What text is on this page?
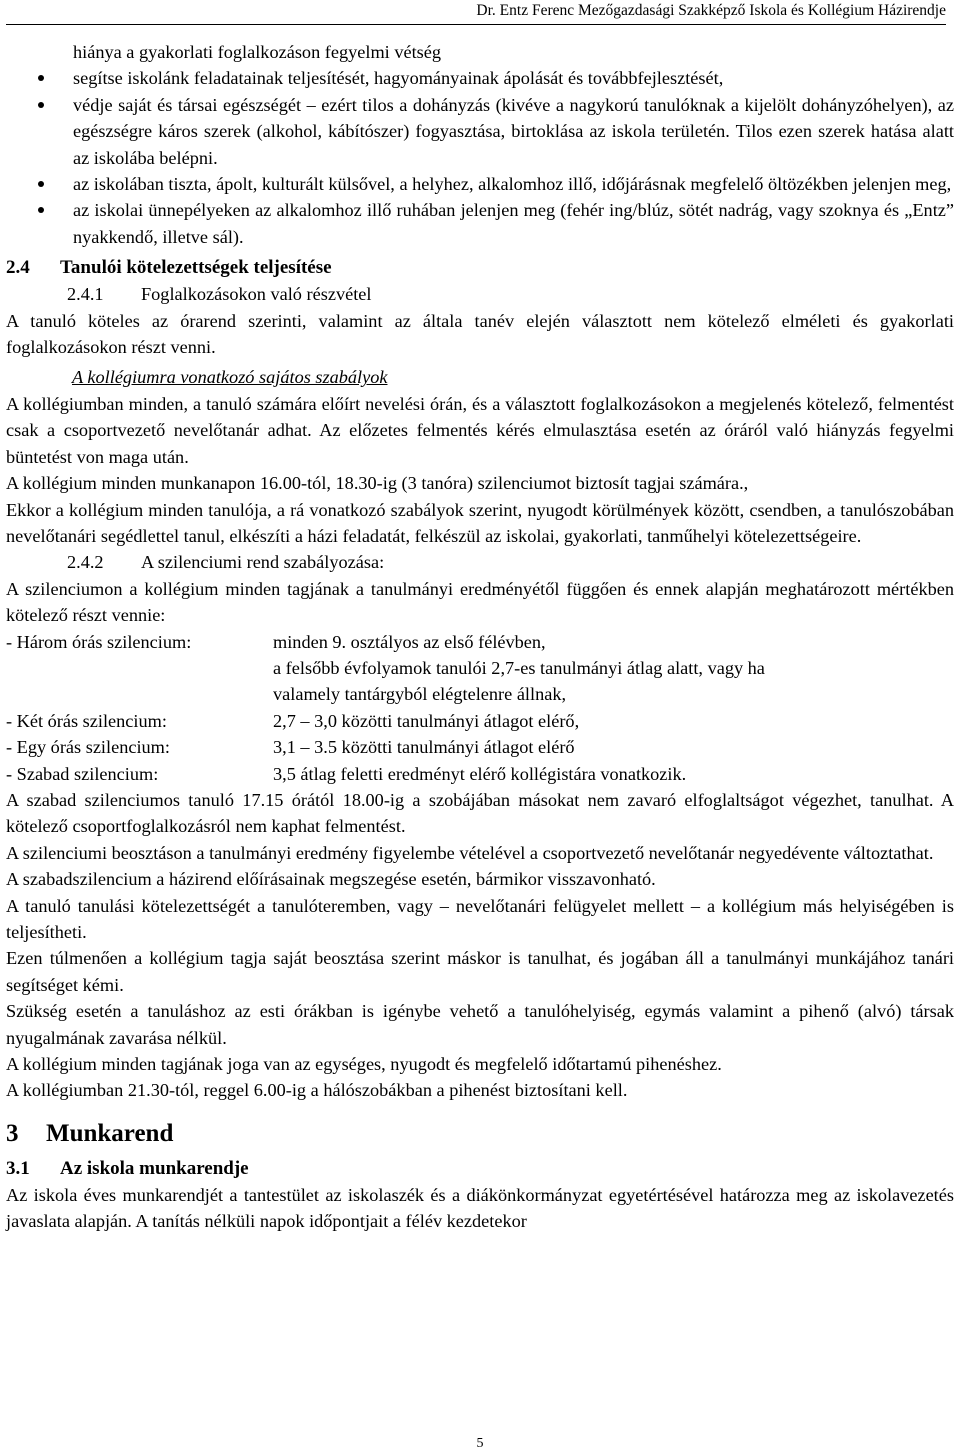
Dr. Entz Ferenc Mezőgazdasági Szakképző Iskola és Kollégium Házirendje

hiánya a gyakorlati foglalkozáson fegyelmi vétség

segítse iskolánk feladatainak teljesítését, hagyományainak ápolását és továbbfejlesztését,
védje saját és társai egészségét – ezért tilos a dohányzás (kivéve a nagykorú tanulóknak a kijelölt dohányzóhelyen), az egészségre káros szerek (alkohol, kábítószer) fogyasztása, birtoklása az iskola területén. Tilos ezen szerek hatása alatt az iskolába belépni.
az iskolában tiszta, ápolt, kulturált külsővel, a helyhez, alkalomhoz illő, időjárásnak megfelelő öltözékben jelenjen meg,
az iskolai ünnepélyeken az alkalomhoz illő ruhában jelenjen meg (fehér ing/blúz, sötét nadrág, vagy szoknya és „Entz” nyakkendő, illetve sál).
2.4 Tanulói kötelezettségek teljesítése

2.4.1 Foglalkozásokon való részvétel

A tanuló köteles az órarend szerinti, valamint az általa tanév elején választott nem kötelező elméleti és gyakorlati foglalkozásokon részt venni.

A kollégiumra vonatkozó sajátos szabályok

A kollégiumban minden, a tanuló számára előírt nevelési órán, és a választott foglalkozásokon a megjelenés kötelező, felmentést csak a csoportvezető nevelőtanár adhat. Az előzetes felmentés kérés elmulasztása esetén az óráról való hiányzás fegyelmi büntetést von maga után.

A kollégium minden munkanapon 16.00-tól, 18.30-ig (3 tanóra) szilenciumot biztosít tagjai számára.,

Ekkor a kollégium minden tanulója, a rá vonatkozó szabályok szerint, nyugodt körülmények között, csendben, a tanulószobában nevelőtanári segédlettel tanul, elkészíti a házi feladatát, felkészül az iskolai, gyakorlati, tanműhelyi kötelezettségeire.

2.4.2 A szilenciumi rend szabályozása:

A szilenciumon a kollégium minden tagjának a tanulmányi eredményétől függően és ennek alapján meghatározott mértékben kötelező részt vennie:

- Három órás szilencium:	minden 9. osztályos az első félévben,
a felsőbb évfolyamok tanulói 2,7-es tanulmányi átlag alatt, vagy ha
valamely tantárgyból elégtelenre állnak,
- Két órás szilencium:	2,7 – 3,0 közötti tanulmányi átlagot elérő,
- Egy órás szilencium:	3,1 – 3.5 közötti tanulmányi átlagot elérő
- Szabad szilencium:	3,5 átlag feletti eredményt elérő kollégistára vonatkozik.

A szabad szilenciumos tanuló 17.15 órától 18.00-ig a szobájában másokat nem zavaró elfoglaltságot végezhet, tanulhat. A kötelező csoportfoglalkozásról nem kaphat felmentést.

A szilenciumi beosztáson a tanulmányi eredmény figyelembe vételével a csoportvezető nevelőtanár negyedévente változtathat.

A szabadszilencium a házirend előírásainak megszegése esetén, bármikor visszavonható.

A tanuló tanulási kötelezettségét a tanulóteremben, vagy – nevelőtanári felügyelet mellett – a kollégium más helyiségében is teljesítheti.

Ezen túlmenően a kollégium tagja saját beosztása szerint máskor is tanulhat, és jogában áll a tanulmányi munkájához tanári segítséget kémi.

Szükség esetén a tanuláshoz az esti órákban is igénybe vehető a tanulóhelyiség, egymás valamint a pihenő (alvó) társak nyugalmának zavarása nélkül.

A kollégium minden tagjának joga van az egységes, nyugodt és megfelelő időtartamú pihenéshez.

A kollégiumban 21.30-tól, reggel 6.00-ig a hálószobákban a pihenést biztosítani kell.

3 Munkarend
3.1 Az iskola munkarendje

Az iskola éves munkarendjét a tantestület az iskolaszék és a diákönkormányzat egyetértésével határozza meg az iskolavezetés javaslata alapján. A tanítás nélküli napok időpontjait a félév kezdetekor

5
